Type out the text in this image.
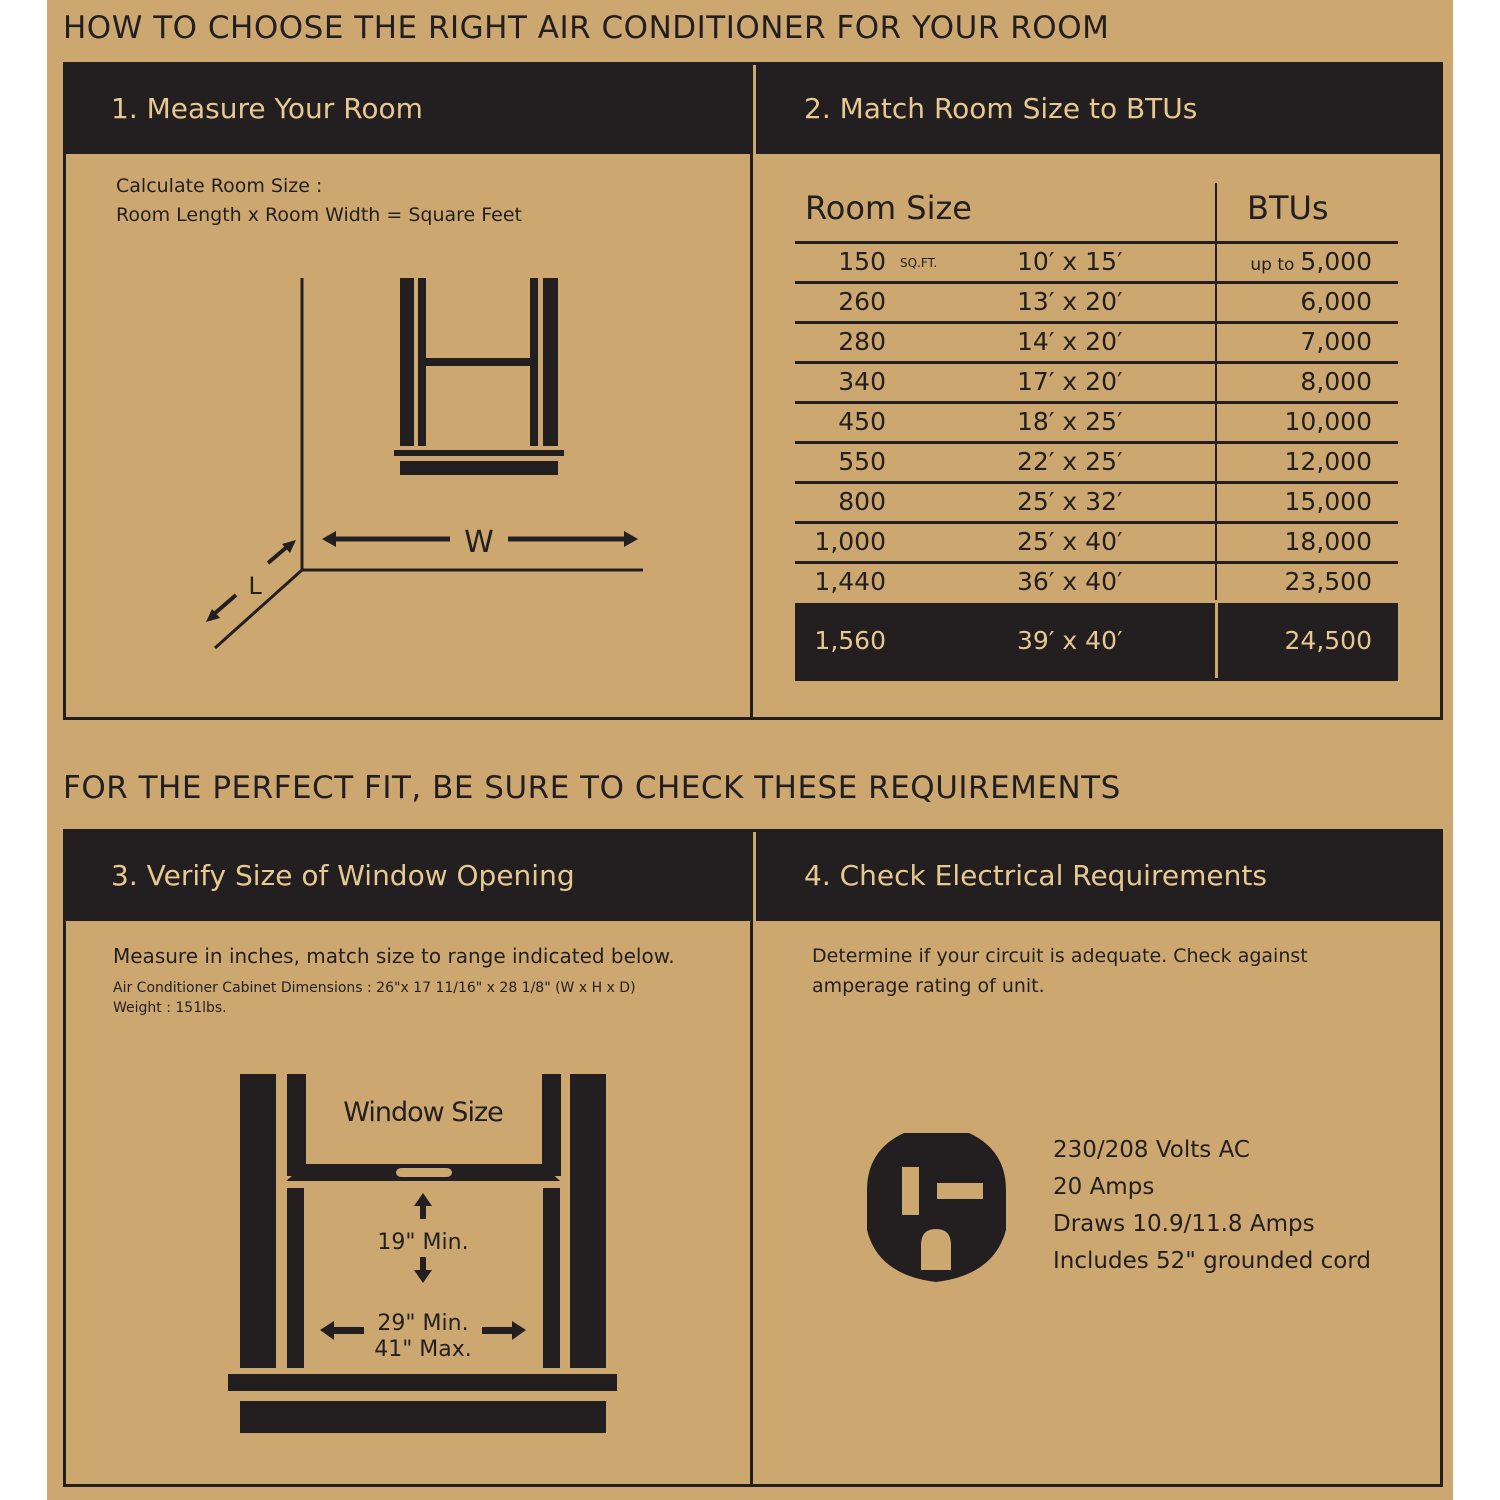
HOW TO CHOOSE THE RIGHT AIR CONDITIONER FOR YOUR ROOM
1. Measure Your Room	2. Match Room Size to BTUs
Calculate Room Size :
Room Length x Room Width = Square Feet
W
L
Room Size	BTUs
150 SQ.FT.	10′ x 15′	up to 5,000
260	13′ x 20′	6,000
280	14′ x 20′	7,000
340	17′ x 20′	8,000
450	18′ x 25′	10,000
550	22′ x 25′	12,000
800	25′ x 32′	15,000
1,000	25′ x 40′	18,000
1,440	36′ x 40′	23,500
1,560	39′ x 40′	24,500
FOR THE PERFECT FIT, BE SURE TO CHECK THESE REQUIREMENTS
3. Verify Size of Window Opening	4. Check Electrical Requirements
Measure in inches, match size to range indicated below.
Air Conditioner Cabinet Dimensions : 26"x 17 11/16" x 28 1/8" (W x H x D)
Weight : 151lbs.
Window Size
19" Min.
29" Min.
41" Max.
Determine if your circuit is adequate. Check against
amperage rating of unit.
230/208 Volts AC
20 Amps
Draws 10.9/11.8 Amps
Includes 52" grounded cord
